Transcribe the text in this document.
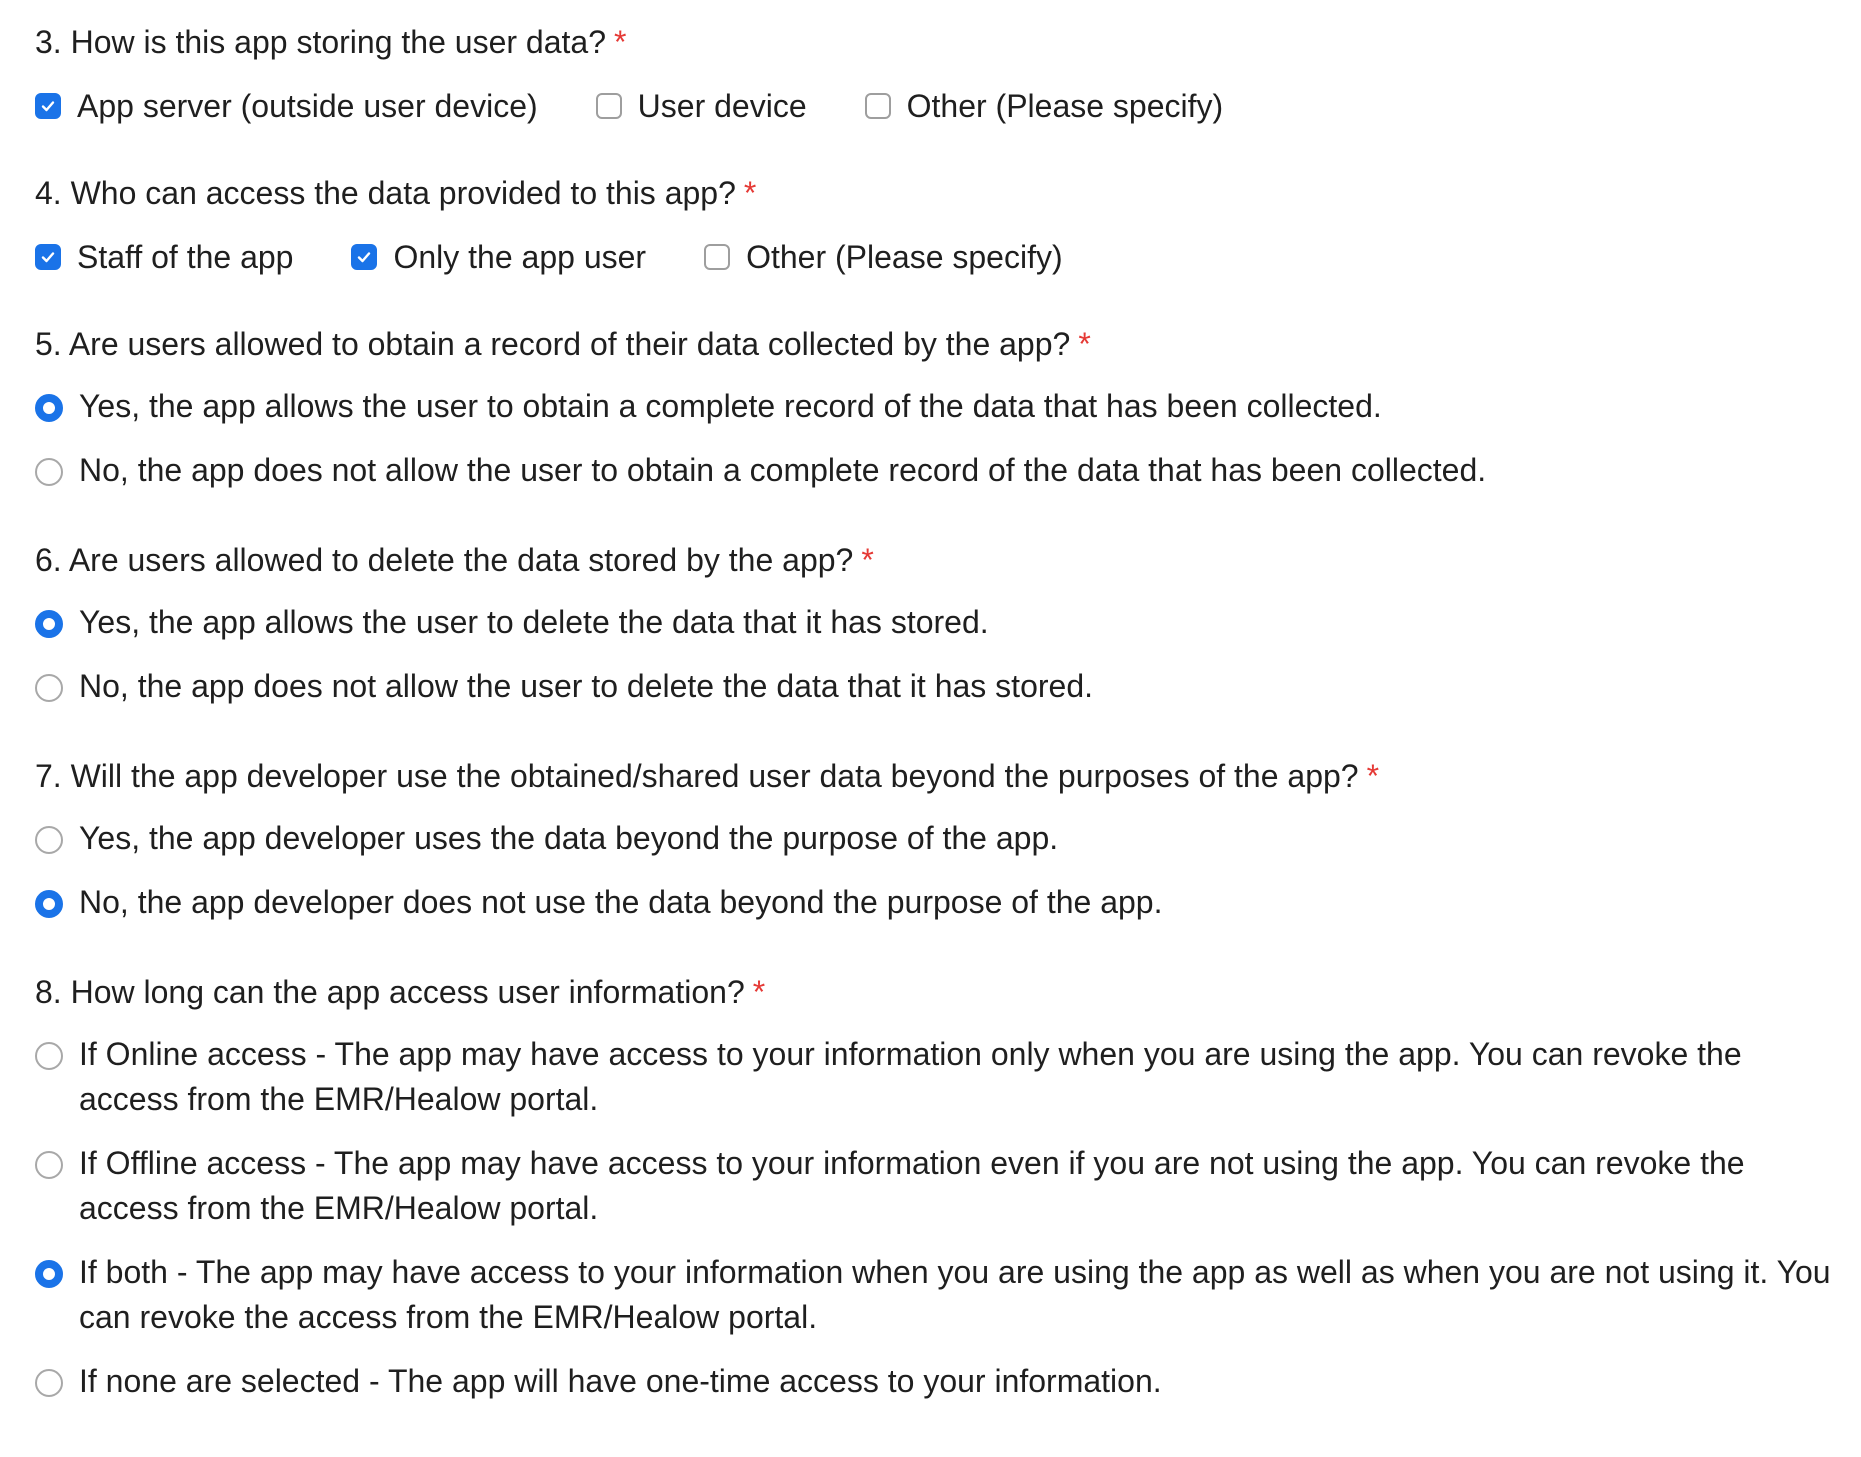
3. How is this app storing the user data? *
App server (outside user device)	User device	Other (Please specify)
4. Who can access the data provided to this app? *
Staff of the app	Only the app user	Other (Please specify)
5. Are users allowed to obtain a record of their data collected by the app? *
Yes, the app allows the user to obtain a complete record of the data that has been collected.
No, the app does not allow the user to obtain a complete record of the data that has been collected.
6. Are users allowed to delete the data stored by the app? *
Yes, the app allows the user to delete the data that it has stored.
No, the app does not allow the user to delete the data that it has stored.
7. Will the app developer use the obtained/shared user data beyond the purposes of the app? *
Yes, the app developer uses the data beyond the purpose of the app.
No, the app developer does not use the data beyond the purpose of the app.
8. How long can the app access user information? *
If Online access - The app may have access to your information only when you are using the app. You can revoke the access from the EMR/Healow portal.
If Offline access - The app may have access to your information even if you are not using the app. You can revoke the access from the EMR/Healow portal.
If both - The app may have access to your information when you are using the app as well as when you are not using it. You can revoke the access from the EMR/Healow portal.
If none are selected - The app will have one-time access to your information.
